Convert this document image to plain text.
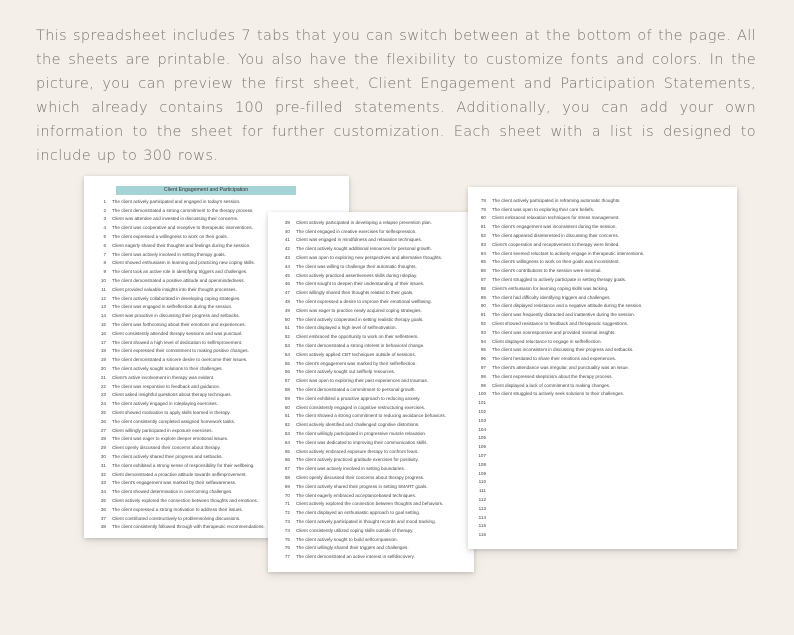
This spreadsheet includes 7 tabs that you can switch between at the bottom of the page. All the sheets are printable. You also have the flexibility to customize fonts and colors. In the picture, you can preview the first sheet, Client Engagement and Participation Statements, which already contains 100 pre-filled statements. Additionally, you can add your own information to the sheet for further customization. Each sheet with a list is designed to include up to 300 rows.

Client Engagement and Participation
1	The client actively participated and engaged in today's session.
2	The client demonstrated a strong commitment to the therapy process.
3	Client was attentive and invested in discussing their concerns.
4	The client was cooperative and receptive to therapeutic interventions.
5	The client expressed a willingness to work on their goals.
6	Client eagerly shared their thoughts and feelings during the session.
7	The client was actively involved in setting therapy goals.
8	Client showed enthusiasm in learning and practicing new coping skills.
9	The client took an active role in identifying triggers and challenges.
10	The client demonstrated a positive attitude and openmindedness.
11	Client provided valuable insights into their thought processes.
12	The client actively collaborated in developing coping strategies.
13	The client was engaged in selfreflection during the session.
14	Client was proactive in discussing their progress and setbacks.
15	The client was forthcoming about their emotions and experiences.
16	Client consistently attended therapy sessions and was punctual.
17	The client showed a high level of dedication to selfimprovement.
18	The client expressed their commitment to making positive changes.
19	The client demonstrated a sincere desire to overcome their issues.
20	The client actively sought solutions to their challenges.
21	Client's active involvement in therapy was evident.
22	The client was responsive to feedback and guidance.
23	Client asked insightful questions about therapy techniques.
24	The client actively engaged in roleplaying exercises.
25	Client showed motivation to apply skills learned in therapy.
26	The client consistently completed assigned homework tasks.
27	Client willingly participated in exposure exercises.
28	The client was eager to explore deeper emotional issues.
29	Client openly discussed their concerns about therapy.
30	The client actively shared their progress and setbacks.
31	The client exhibited a strong sense of responsibility for their wellbeing.
32	Client demonstrated a proactive attitude towards selfimprovement.
33	The client's engagement was marked by their selfawareness.
34	The client showed determination in overcoming challenges.
35	Client actively explored the connection between thoughts and emotions.
36	The client expressed a strong motivation to address their issues.
37	Client contributed constructively to problemsolving discussions.
38	The client consistently followed through with therapeutic recommendations.
39	Client actively participated in developing a relapse prevention plan.
40	The client engaged in creative exercises for selfexpression.
41	Client was engaged in mindfulness and relaxation techniques.
42	The client actively sought additional resources for personal growth.
43	Client was open to exploring new perspectives and alternative thoughts.
44	The client was willing to challenge their automatic thoughts.
45	Client actively practiced assertiveness skills during roleplay.
46	The client sought to deepen their understanding of their issues.
47	Client willingly shared their thoughts related to their goals.
48	The client expressed a desire to improve their emotional wellbeing.
49	Client was eager to practice newly acquired coping strategies.
50	The client actively cooperated in setting realistic therapy goals.
51	The client displayed a high level of selfmotivation.
52	Client embraced the opportunity to work on their selfesteem.
53	The client demonstrated a strong interest in behavioral change.
54	Client actively applied CBT techniques outside of sessions.
55	The client's engagement was marked by their selfreflection.
56	The client actively sought out selfhelp resources.
57	Client was open to exploring their past experiences and traumas.
58	The client demonstrated a commitment to personal growth.
59	The client exhibited a proactive approach to reducing anxiety.
60	Client consistently engaged in cognitive restructuring exercises.
61	The client showed a strong commitment to reducing avoidance behaviors.
62	Client actively identified and challenged cognitive distortions.
63	The client willingly participated in progressive muscle relaxation.
64	The client was dedicated to improving their communication skills.
65	Client actively embraced exposure therapy to confront fears.
66	The client actively practiced gratitude exercises for positivity.
67	The client was actively involved in setting boundaries.
68	Client openly discussed their concerns about therapy progress.
69	The client actively shared their progress in setting SMART goals.
70	The client eagerly embraced acceptancebased techniques.
71	Client actively explored the connection between thoughts and behaviors.
72	The client displayed an enthusiastic approach to goal setting.
73	The client actively participated in thought records and mood tracking.
74	Client consistently utilized coping skills outside of therapy.
75	The client actively sought to build selfcompassion.
76	The client willingly shared their triggers and challenges.
77	The client demonstrated an active interest in selfdiscovery.
78	The client actively participated in reframing automatic thoughts.
79	The client was open to exploring their core beliefs.
80	Client embraced relaxation techniques for stress management.
81	The client's engagement was inconsistent during the session.
82	The client appeared disinterested in discussing their concerns.
83	Client's cooperation and receptiveness to therapy were limited.
84	The client seemed reluctant to actively engage in therapeutic interventions.
85	The client's willingness to work on their goals was inconsistent.
86	The client's contributions to the session were minimal.
87	The client struggled to actively participate in setting therapy goals.
88	Client's enthusiasm for learning coping skills was lacking.
89	The client had difficulty identifying triggers and challenges.
90	The client displayed resistance and a negative attitude during the session.
91	The client was frequently distracted and inattentive during the session.
92	Client showed resistance to feedback and therapeutic suggestions.
93	The client was nonresponsive and provided minimal insights.
94	Client displayed reluctance to engage in selfreflection.
95	The client was inconsistent in discussing their progress and setbacks.
96	The client hesitated to share their emotions and experiences.
97	The client's attendance was irregular, and punctuality was an issue.
98	The client expressed skepticism about the therapy process.
99	Client displayed a lack of commitment to making changes.
100	The client struggled to actively seek solutions to their challenges.
101
102
103
104
105
106
107
108
109
110
111
112
113
114
115
116
